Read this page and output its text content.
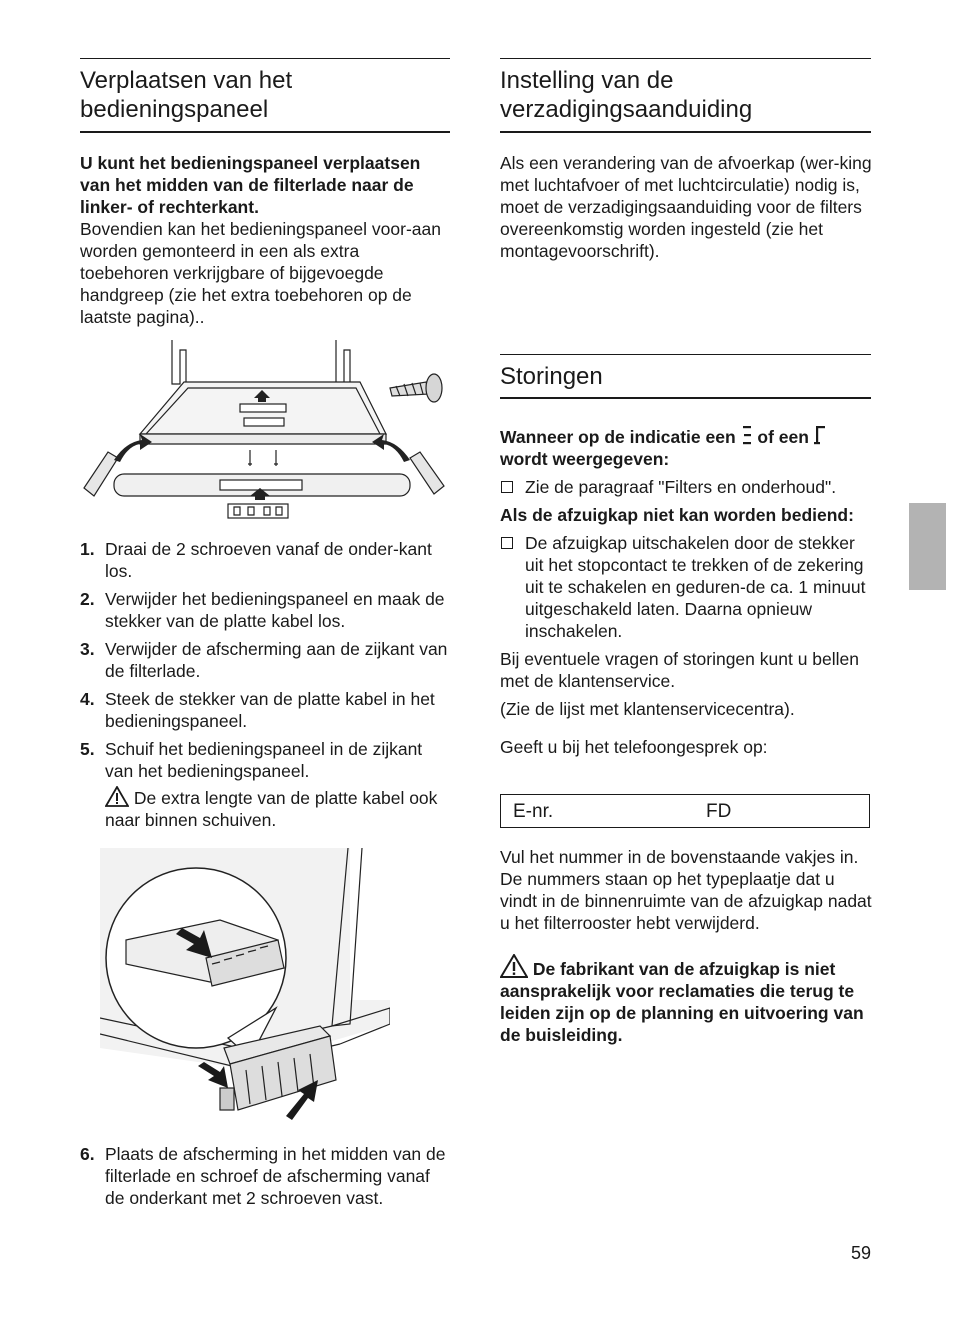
Verplaatsen van het bedieningspaneel

U kunt het bedieningspaneel verplaatsen van het midden van de filterlade naar de linker- of rechterkant.

Bovendien kan het bedieningspaneel voor-aan worden gemonteerd in een als extra toebehoren verkrijgbare of bijgevoegde handgreep (zie het extra toebehoren op de laatste pagina)..

1. Draai de 2 schroeven vanaf de onder-kant los.
2. Verwijder het bedieningspaneel en maak de stekker van de platte kabel los.
3. Verwijder de afscherming aan de zijkant van de filterlade.
4. Steek de stekker van de platte kabel in het bedieningspaneel.
5. Schuif het bedieningspaneel in de zijkant van het bedieningspaneel.

De extra lengte van de platte kabel ook naar binnen schuiven.

6. Plaats de afscherming in het midden van de filterlade en schroef de afscherming vanaf de onderkant met 2 schroeven vast.
Instelling van de verzadigingsaanduiding

Als een verandering van de afvoerkap (wer-king met luchtafvoer of met luchtcirculatie) nodig is, moet de verzadigingsaanduiding voor de filters overeenkomstig worden ingesteld (zie het montagevoorschrift).

Storingen

Wanneer op de indicatie een of een
wordt weergegeven:

Zie de paragraaf "Filters en onderhoud".

Als de afzuigkap niet kan worden bediend:

De afzuigkap uitschakelen door de stekker uit het stopcontact te trekken of de zekering uit te schakelen en geduren-de ca. 1 minuut uitgeschakeld laten. Daarna opnieuw inschakelen.

Bij eventuele vragen of storingen kunt u bellen met de klantenservice.

(Zie de lijst met klantenservicecentra).

Geeft u bij het telefoongesprek op:

E-nr.	FD

Vul het nummer in de bovenstaande vakjes in. De nummers staan op het typeplaatje dat u vindt in de binnenruimte van de afzuigkap nadat u het filterrooster hebt verwijderd.

De fabrikant van de afzuigkap is niet aansprakelijk voor reclamaties die terug te leiden zijn op de planning en uitvoering van de buisleiding.

59
